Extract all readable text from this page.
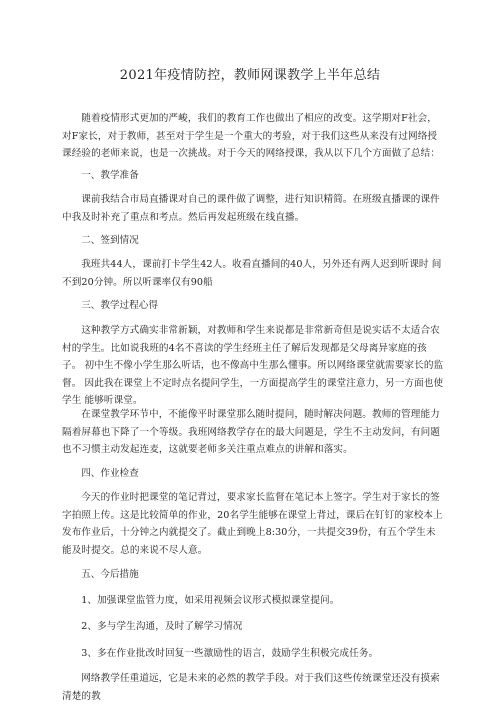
2021年疫情防控，教师网课教学上半年总结
随着疫情形式更加的严峻，我们的教育工作也做出了相应的改变。这学期对F社会， 对F家长，对于教师，甚至对于学生是一个重大的考验，对于我们这些从来没有过网络授 课经验的老师来说，也是一次挑战。对于今天的网络授课，我从以下几个方面做了总结：
一、教学准备
课前我结合市局直播课对自己的课件做了调整，进行知识精简。在班级直播课的课件 中我及时补充了重点和考点。然后再发起班级在线直播。
二、签到情况
我班共44人，课前打卡学生42人。收看直播间的40人，另外还有两人迟到听课时 间不到20分钟。所以听课率仅有90船
三、教学过程心得
这种教学方式确实非常新颖，对教师和学生来说都是非常新奇但是说实话不太适合农 村的学生。比如说我班的4名不喜读的学生经班主任了解后发现都是父母离异家庭的孩子。 初中生不像小学生那么听话，也不像高中生那么懂事。所以网络课堂就需要家长的监督。 因此我在课堂上不定时点名提问学生，一方面提高学生的课堂注意力，另一方面也使学生 能够听课堂。
在课堂教学环节中，不能像平时课堂那么随时提问，随时解决问题。教师的管理能力 隔着屏幕也下降了一个等级。我班网络教学存在的最大问题是，学生不主动发问，有问题 也不习惯主动发起连麦，这就要老师多关注重点难点的讲解和落实。
四、作业检查
今天的作业时把课堂的笔记背过，要求家长监督在笔记本上签字。学生对于家长的签 字拍照上传。这是比较简单的作业，20名学生能够在课堂上背过，课后在钉钉的家校本上 发布作业后，十分钟之内就提交了。截止到晚上8:30分，一共提交39份，有五个学生未 能及时提交。总的来说不尽人意。
五、今后措施
1、加强课堂监管力度，如采用视频会议形式模拟课堂提问。
2、多与学生沟通，及时了解学习情况
3、多在作业批改时回复一些激励性的语言，鼓励学生积极完成任务。
网络教学任重道远，它是未来的必然的教学手段。对于我们这些传统课堂还没有摸索 清楚的教
